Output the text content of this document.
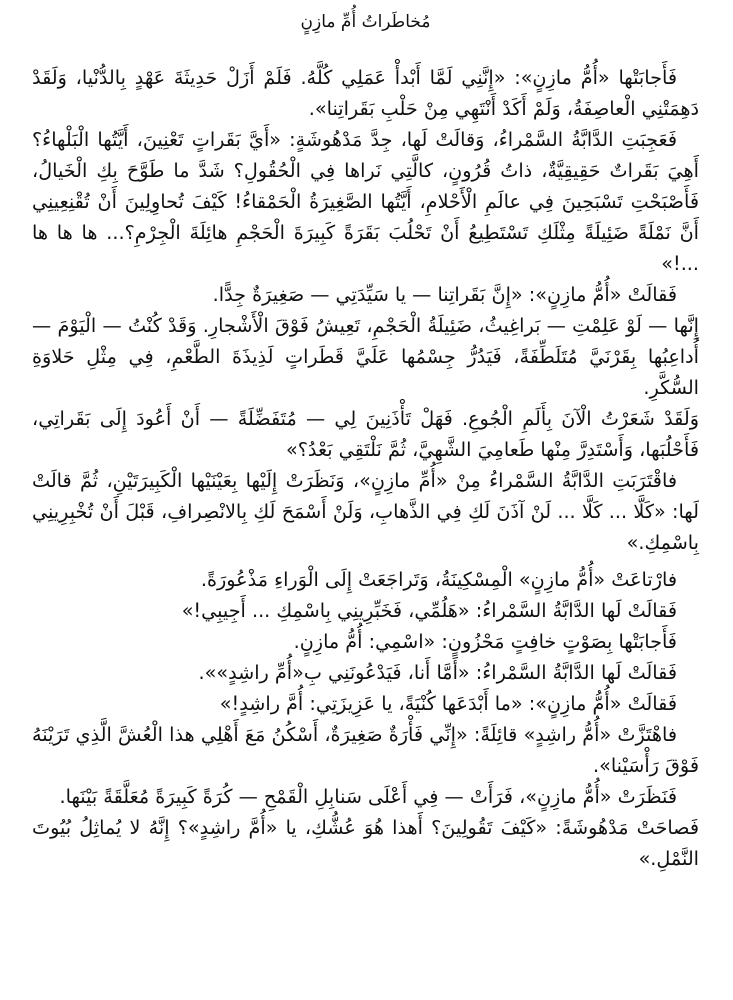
مُخاطَراتُ أُمِّ مازِنٍ

فَأَجابَتْها «أُمُّ مازِنٍ»: «إِنَّنِي لَمَّا أَبْدأْ عَمَلِي كُلَّهُ. فَلَمْ أَزَلْ حَدِيثَةَ عَهْدٍ بِالدُّنْيا، وَلَقَدْ دَهِمَتْنِي الْعاصِفَةُ، وَلَمْ أَكَدْ أَنْتَهِي مِنْ حَلْبِ بَقَراتِنا».

فَعَجِبَتِ الدَّابَّةُ السَّمْراءُ، وَقالَتْ لَها، جِدَّ مَدْهُوشَةٍ: «أَيَّ بَقَراتٍ تَعْنِينَ، أَيَّتُها الْبَلْهاءُ؟ أَهِيَ بَقَراتٌ حَقِيقِيَّةٌ، ذاتُ قُرُونٍ، كالَّتِي نَراها فِي الْحُقُولِ؟ شَدَّ ما طَوَّحَ بِكِ الْخَيالُ، فَأَصْبَحْتِ تَسْبَحِينَ فِي عالَمِ الْأَحْلامِ، أَيَّتُها الصَّغِيرَةُ الْحَمْقاءُ! كَيْفَ تُحاوِلِينَ أَنْ تُقْنِعِينِي أَنَّ نَمْلَةً ضَئِيلَةً مِثْلَكِ تَسْتَطِيعُ أَنْ تَحْلُبَ بَقَرَةً كَبِيرَةَ الْحَجْمِ هائِلَةَ الْجِرْمِ؟... ها ها ها ...!»

فَقالَتْ «أُمُّ مازِنٍ»: «إِنَّ بَقَراتِنا — يا سَيِّدَتِي — صَغِيرَةٌ جِدًّا.

إِنَّها — لَوْ عَلِمْتِ — بَراغِيثُ، ضَئِيلَةُ الْحَجْمِ، تَعِيشُ فَوْقَ الْأَشْجارِ. وَقَدْ كُنْتُ — الْيَوْمَ — أُداعِبُها بِقَرْنَيَّ مُتَلَطِّفَةً، فَيَدُرُّ جِسْمُها عَلَيَّ قَطَراتٍ لَذِيذَةَ الطَّعْمِ، فِي مِثْلِ حَلاوَةِ السُّكَّرِ.

وَلَقَدْ شَعَرْتُ الْآنَ بِأَلَمِ الْجُوعِ. فَهَلْ تَأْذَنِينَ لِي — مُتَفَضِّلَةً — أَنْ أَعُودَ إِلَى بَقَراتِي، فَأَحْلُبَها، وَأَسْتَدِرَّ مِنْها طَعامِيَ الشَّهِيَّ، ثُمَّ نَلْتَقِي بَعْدُ؟»

فاقْتَرَبَتِ الدَّابَّةُ السَّمْراءُ مِنْ «أُمِّ مازِنٍ»، وَنَظَرَتْ إِلَيْها بِعَيْنَيْها الْكَبِيرَتَيْنِ، ثُمَّ قالَتْ لَها: «كَلَّا ... كَلَّا ... لَنْ آذَنَ لَكِ فِي الذَّهابِ، وَلَنْ أَسْمَحَ لَكِ بِالانْصِرافِ، قَبْلَ أَنْ تُخْبِرِينِي بِاسْمِكِ.»

فارْتاعَتْ «أُمُّ مازِنٍ» الْمِسْكِينَةُ، وَتَراجَعَتْ إِلَى الْوَراءِ مَذْعُورَةً.

فَقالَتْ لَها الدَّابَّةُ السَّمْراءُ: «هَلُمِّي، فَخَبِّرِينِي بِاسْمِكِ ... أَجِيبِي!»

فَأَجابَتْها بِصَوْتٍ خافِتٍ مَحْزُونٍ: «اسْمِي: أُمُّ مازِنٍ.

فَقالَتْ لَها الدَّابَّةُ السَّمْراءُ: «أَمَّا أَنا، فَيَدْعُونَنِي بِ«أُمِّ راشِدٍ»».

فَقالَتْ «أُمُّ مازِنٍ»: «ما أَبْدَعَها كُنْيَةً، يا عَزِيزَتِي: أُمَّ راشِدٍ!»

فاهْتَزَّتْ «أُمُّ راشِدٍ» قائِلَةً: «إِنِّي فَأْرَةٌ صَغِيرَةٌ، أَسْكُنُ مَعَ أَهْلِي هذا الْعُشَّ الَّذِي تَرَيْنَهُ فَوْقَ رَأْسَيْنا».

فَنَظَرَتْ «أُمُّ مازِنٍ»، فَرَأَتْ — فِي أَعْلَى سَنابِلِ الْقَمْحِ — كُرَةً كَبِيرَةً مُعَلَّقَةً بَيْنَها.

فَصاحَتْ مَدْهُوشَةً: «كَيْفَ تَقُولِينَ؟ أَهذا هُوَ عُشُّكِ، يا «أُمَّ راشِدٍ»؟ إِنَّهُ لا يُماثِلُ بُيُوتَ النَّمْلِ.»
